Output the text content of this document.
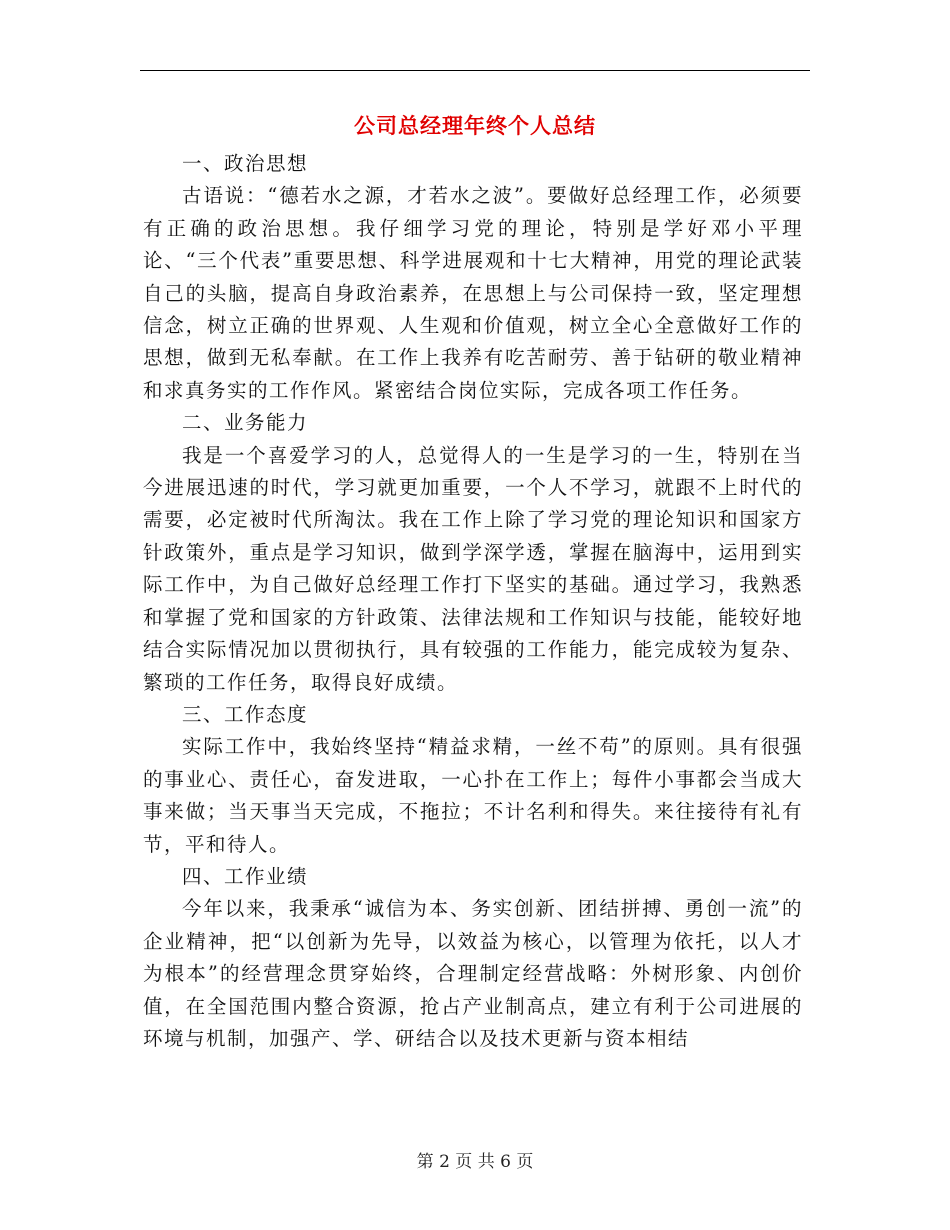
公司总经理年终个人总结

一、政治思想

古语说：“德若水之源，才若水之波”。要做好总经理工作，必须要有正确的政治思想。我仔细学习党的理论，特别是学好邓小平理论、“三个代表”重要思想、科学进展观和十七大精神，用党的理论武装自己的头脑，提高自身政治素养，在思想上与公司保持一致，坚定理想信念，树立正确的世界观、人生观和价值观，树立全心全意做好工作的思想，做到无私奉献。在工作上我养有吃苦耐劳、善于钻研的敬业精神和求真务实的工作作风。紧密结合岗位实际，完成各项工作任务。

二、业务能力

我是一个喜爱学习的人，总觉得人的一生是学习的一生，特别在当今进展迅速的时代，学习就更加重要，一个人不学习，就跟不上时代的需要，必定被时代所淘汰。我在工作上除了学习党的理论知识和国家方针政策外，重点是学习知识，做到学深学透，掌握在脑海中，运用到实际工作中，为自己做好总经理工作打下坚实的基础。通过学习，我熟悉和掌握了党和国家的方针政策、法律法规和工作知识与技能，能较好地结合实际情况加以贯彻执行，具有较强的工作能力，能完成较为复杂、繁琐的工作任务，取得良好成绩。

三、工作态度

实际工作中，我始终坚持“精益求精，一丝不苟”的原则。具有很强的事业心、责任心，奋发进取，一心扑在工作上；每件小事都会当成大事来做；当天事当天完成，不拖拉；不计名利和得失。来往接待有礼有节，平和待人。

四、工作业绩

今年以来，我秉承“诚信为本、务实创新、团结拼搏、勇创一流”的企业精神，把“以创新为先导，以效益为核心，以管理为依托，以人才为根本”的经营理念贯穿始终，合理制定经营战略：外树形象、内创价值，在全国范围内整合资源，抢占产业制高点，建立有利于公司进展的环境与机制，加强产、学、研结合以及技术更新与资本相结

第 2 页 共 6 页
